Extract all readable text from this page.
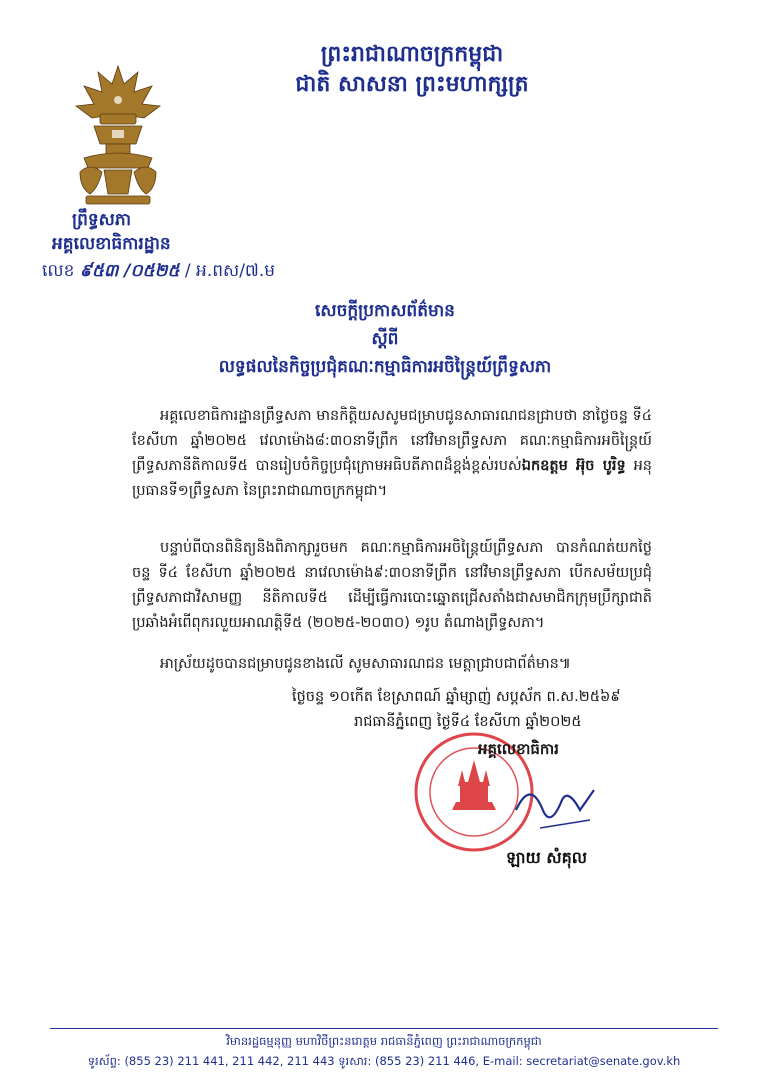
ព្រះរាជាណាចក្រកម្ពុជា
ជាតិ សាសនា ព្រះមហាក្សត្រ
ព្រឹទ្ធសភា
អគ្គលេខាធិការដ្ឋាន
លេខ ៩៥៣ /០៥២៥ / អ.ពស/៧.ម
សេចក្តីប្រកាសព័ត៌មាន
ស្តីពី
លទ្ធផលនៃកិច្ចប្រជុំគណៈកម្មាធិការអចិន្ត្រៃយ៍ព្រឹទ្ធសភា
អគ្គលេខាធិការដ្ឋានព្រឹទ្ធសភា មានកិត្តិយសសូមជម្រាបជូនសាធារណជនជ្រាបថា នាថ្ងៃចន្ទ ទី៤ ខែសីហា ឆ្នាំ២០២៥ វេលាម៉ោង៨:៣០នាទីព្រឹក នៅវិមានព្រឹទ្ធសភា គណៈកម្មាធិការអចិន្ត្រៃយ៍ព្រឹទ្ធសភានីតិកាលទី៥ បានរៀបចំកិច្ចប្រជុំក្រោមអធិបតីភាពដ៏ខ្ពង់ខ្ពស់របស់ឯកឧត្តម អ៊ុច បូរិទ្ធ អនុប្រធានទី១ព្រឹទ្ធសភា នៃព្រះរាជាណាចក្រកម្ពុជា។
បន្ទាប់ពីបានពិនិត្យនិងពិភាក្សារួចមក គណៈកម្មាធិការអចិន្ត្រៃយ៍ព្រឹទ្ធសភា បានកំណត់យកថ្ងៃចន្ទ ទី៤ ខែសីហា ឆ្នាំ២០២៥ នាវេលាម៉ោង៩:៣០នាទីព្រឹក នៅវិមានព្រឹទ្ធសភា បើកសម័យប្រជុំព្រឹទ្ធសភាជាវិសាមញ្ញ នីតិកាលទី៥ ដើម្បីធ្វើការបោះឆ្នោតជ្រើសតាំងជាសមាជិកក្រុមប្រឹក្សាជាតិប្រឆាំងអំពើពុករលួយអាណត្តិទី៥ (២០២៥-២០៣០) ១រូប តំណាងព្រឹទ្ធសភា។
អាស្រ័យដូចបានជម្រាបជូនខាងលើ សូមសាធារណជន មេត្តាជ្រាបជាព័ត៌មាន៕
ថ្ងៃចន្ទ ១០កើត ខែស្រាពណ៍ ឆ្នាំម្សាញ់ សប្តស័ក ព.ស.២៥៦៩
រាជធានីភ្នំពេញ ថ្ងៃទី៤ ខែសីហា ឆ្នាំ២០២៥
អគ្គលេខាធិការ
ឡាយ សំគុល
វិមានរដ្ឋធម្មនុញ្ញ មហាវិថីព្រះនរោត្តម រាជធានីភ្នំពេញ ព្រះរាជាណាចក្រកម្ពុជា
ទូរស័ព្ទ: (855 23) 211 441, 211 442, 211 443 ទូរសារ: (855 23) 211 446, E-mail: secretariat@senate.gov.kh
